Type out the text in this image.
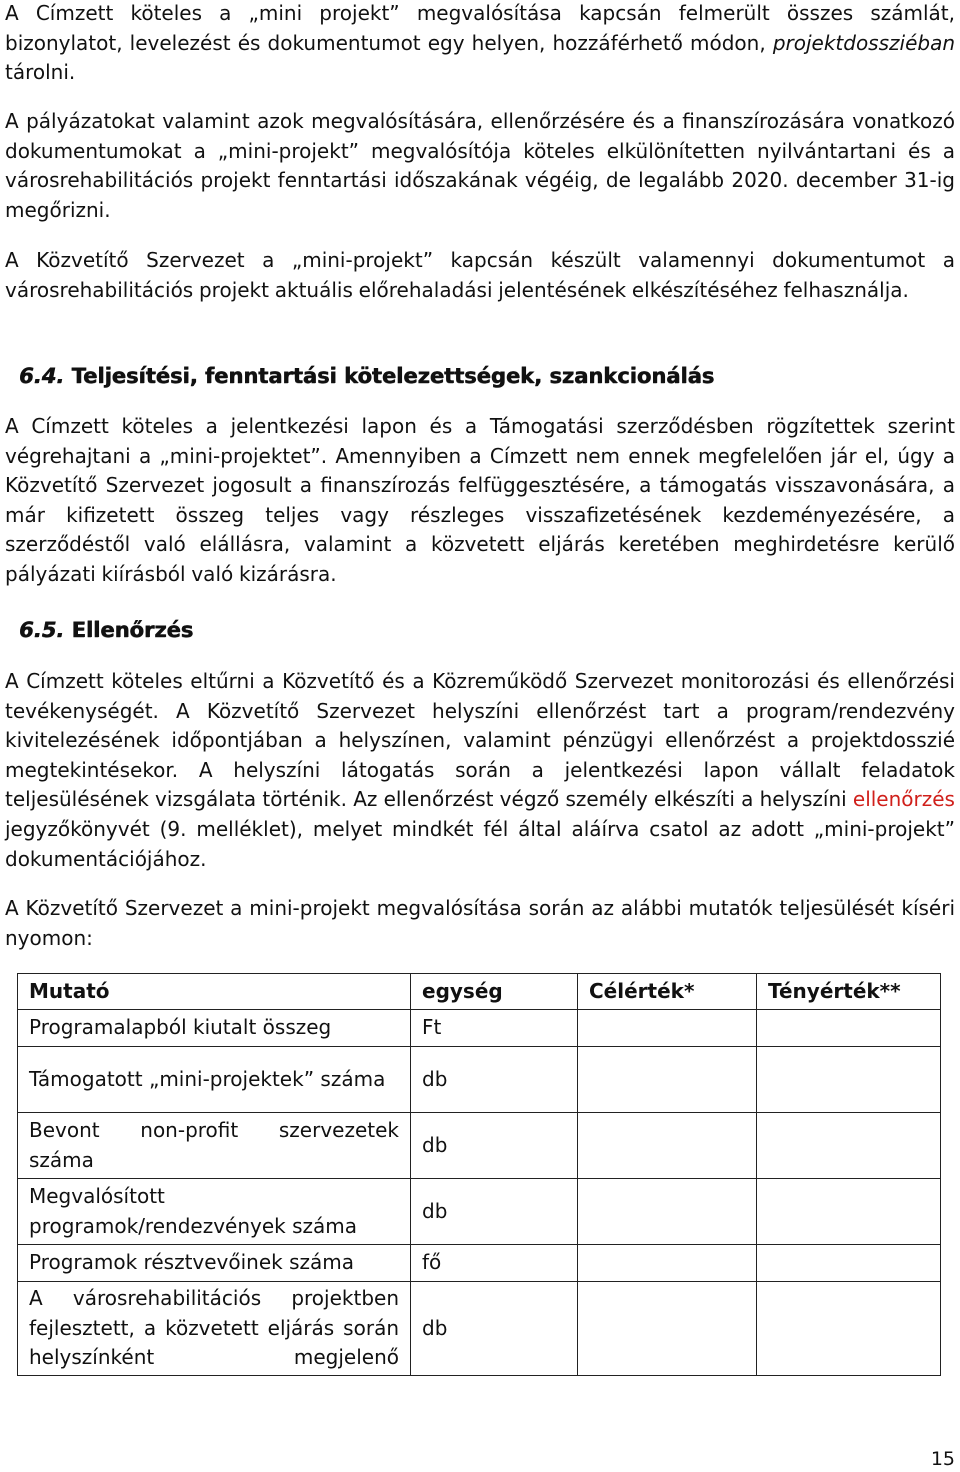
A Címzett köteles a „mini projekt” megvalósítása kapcsán felmerült összes számlát, bizonylatot, levelezést és dokumentumot egy helyen, hozzáférhető módon, projektdossziéban tárolni.

A pályázatokat valamint azok megvalósítására, ellenőrzésére és a finanszírozására vonatkozó dokumentumokat a „mini-projekt” megvalósítója köteles elkülönítetten nyilvántartani és a városrehabilitációs projekt fenntartási időszakának végéig, de legalább 2020. december 31-ig megőrizni.

A Közvetítő Szervezet a „mini-projekt” kapcsán készült valamennyi dokumentumot a városrehabilitációs projekt aktuális előrehaladási jelentésének elkészítéséhez felhasználja.

6.4. Teljesítési, fenntartási kötelezettségek, szankcionálás

A Címzett köteles a jelentkezési lapon és a Támogatási szerződésben rögzítettek szerint végrehajtani a „mini-projektet”. Amennyiben a Címzett nem ennek megfelelően jár el, úgy a Közvetítő Szervezet jogosult a finanszírozás felfüggesztésére, a támogatás visszavonására, a már kifizetett összeg teljes vagy részleges visszafizetésének kezdeményezésére, a szerződéstől való elállásra, valamint a közvetett eljárás keretében meghirdetésre kerülő pályázati kiírásból való kizárásra.

6.5. Ellenőrzés

A Címzett köteles eltűrni a Közvetítő és a Közreműködő Szervezet monitorozási és ellenőrzési tevékenységét. A Közvetítő Szervezet helyszíni ellenőrzést tart a program/rendezvény kivitelezésének időpontjában a helyszínen, valamint pénzügyi ellenőrzést a projektdosszié megtekintésekor. A helyszíni látogatás során a jelentkezési lapon vállalt feladatok teljesülésének vizsgálata történik. Az ellenőrzést végző személy elkészíti a helyszíni ellenőrzés jegyzőkönyvét (9. melléklet), melyet mindkét fél által aláírva csatol az adott „mini-projekt” dokumentációjához.

A Közvetítő Szervezet a mini-projekt megvalósítása során az alábbi mutatók teljesülését kíséri nyomon:

Mutató	egység	Célérték*	Tényérték**
Programalapból kiutalt összeg	Ft		
Támogatott „mini-projektek” száma	db		
Bevont non-profit szervezetek száma	db		
Megvalósított programok/rendezvények száma	db		
Programok résztvevőinek száma	fő		
A városrehabilitációs projektben fejlesztett, a közvetett eljárás során helyszínként megjelenő	db		
15
